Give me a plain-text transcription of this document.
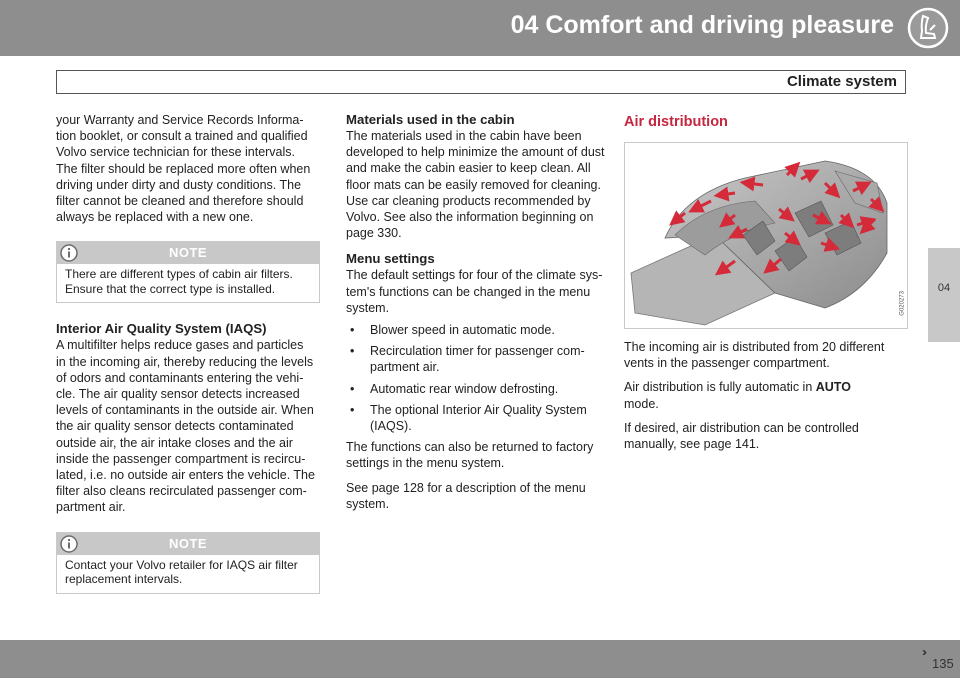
04 Comfort and driving pleasure
Climate system
04

your Warranty and Service Records Informa-
tion booklet, or consult a trained and qualified
Volvo service technician for these intervals.
The filter should be replaced more often when
driving under dirty and dusty conditions. The
filter cannot be cleaned and therefore should
always be replaced with a new one.

NOTE
There are different types of cabin air filters.
Ensure that the correct type is installed.
Interior Air Quality System (IAQS)

A multifilter helps reduce gases and particles
in the incoming air, thereby reducing the levels
of odors and contaminants entering the vehi-
cle. The air quality sensor detects increased
levels of contaminants in the outside air. When
the air quality sensor detects contaminated
outside air, the air intake closes and the air
inside the passenger compartment is recircu-
lated, i.e. no outside air enters the vehicle. The
filter also cleans recirculated passenger com-
partment air.

NOTE
Contact your Volvo retailer for IAQS air filter
replacement intervals.
Materials used in the cabin

The materials used in the cabin have been
developed to help minimize the amount of dust
and make the cabin easier to keep clean. All
floor mats can be easily removed for cleaning.
Use car cleaning products recommended by
Volvo. See also the information beginning on
page 330.

Menu settings

The default settings for four of the climate sys-
tem's functions can be changed in the menu
system.

• Blower speed in automatic mode.
• Recirculation timer for passenger com-
partment air.
• Automatic rear window defrosting.
• The optional Interior Air Quality System
(IAQS).

The functions can also be returned to factory
settings in the menu system.

See page 128 for a description of the menu
system.

Air distribution
G020273

The incoming air is distributed from 20 different
vents in the passenger compartment.

Air distribution is fully automatic in AUTO
mode.

If desired, air distribution can be controlled
manually, see page 141.

››
135
